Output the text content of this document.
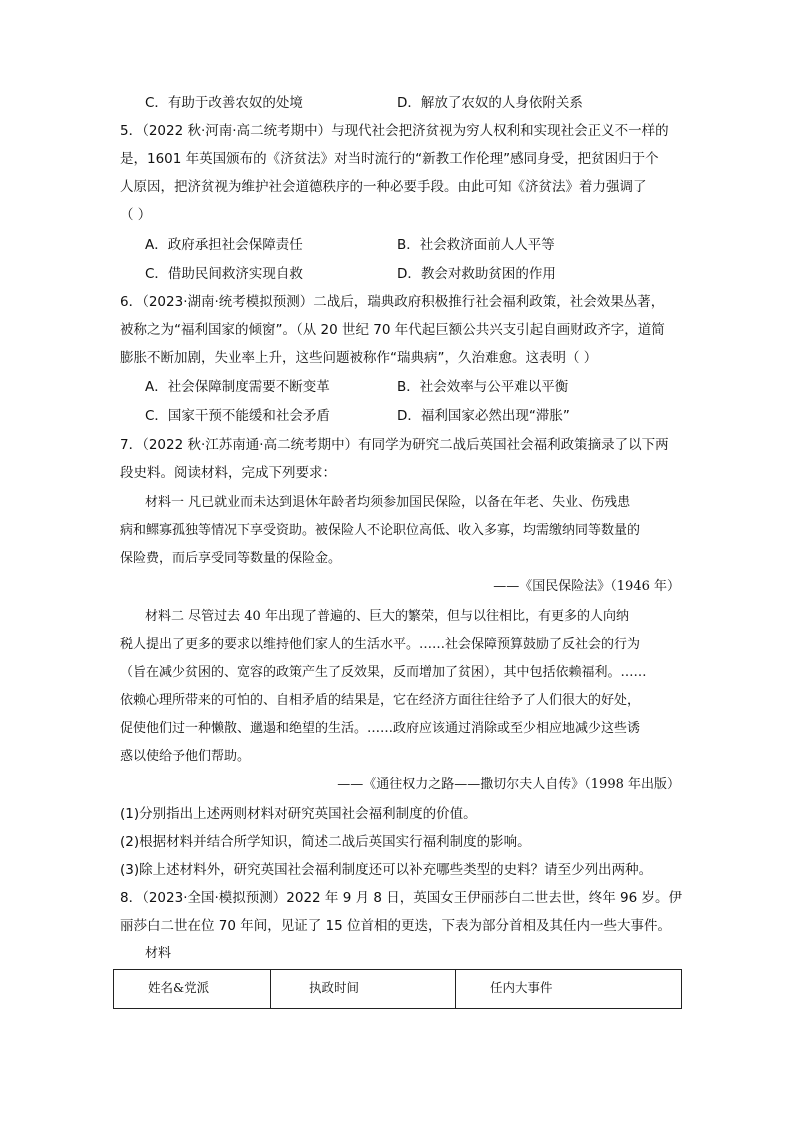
C．有助于改善农奴的处境	D．解放了农奴的人身依附关系
5．（2022 秋·河南·高二统考期中）与现代社会把济贫视为穷人权利和实现社会正义不一样的
是，1601 年英国颁布的《济贫法》对当时流行的“新教工作伦理”感同身受，把贫困归于个
人原因，把济贫视为维护社会道德秩序的一种必要手段。由此可知《济贫法》着力强调了
（ ）
A．政府承担社会保障责任	B．社会救济面前人人平等
C．借助民间救济实现自救	D．教会对救助贫困的作用
6．（2023·湖南·统考模拟预测）二战后，瑞典政府积极推行社会福利政策，社会效果丛著，
被称之为“福利国家的倾窗”。（从 20 世纪 70 年代起巨额公共兴支引起自画财政齐字，道简
膨胀不断加剧，失业率上升，这些问题被称作“瑞典病”，久治难愈。这表明（ ）
A．社会保障制度需要不断变革	B．社会效率与公平难以平衡
C．国家干预不能缓和社会矛盾	D．福利国家必然出现“滞胀”
7．（2022 秋·江苏南通·高二统考期中）有同学为研究二战后英国社会福利政策摘录了以下两
段史料。阅读材料，完成下列要求：
材料一 凡已就业而未达到退休年龄者均须参加国民保险，以备在年老、失业、伤残患
病和鳏寡孤独等情况下享受资助。被保险人不论职位高低、收入多寡，均需缴纳同等数量的
保险费，而后享受同等数量的保险金。
——《国民保险法》（1946 年）
材料二 尽管过去 40 年出现了普遍的、巨大的繁荣，但与以往相比，有更多的人向纳
税人提出了更多的要求以维持他们家人的生活水平。……社会保障预算鼓励了反社会的行为
（旨在减少贫困的、宽容的政策产生了反效果，反而增加了贫困），其中包括依赖福利。……
依赖心理所带来的可怕的、自相矛盾的结果是，它在经济方面往往给予了人们很大的好处，
促使他们过一种懒散、邋遢和绝望的生活。……政府应该通过消除或至少相应地减少这些诱
惑以使给予他们帮助。
——《通往权力之路——撒切尔夫人自传》（1998 年出版）
(1)分别指出上述两则材料对研究英国社会福利制度的价值。
(2)根据材料并结合所学知识，简述二战后英国实行福利制度的影响。
(3)除上述材料外，研究英国社会福利制度还可以补充哪些类型的史料？请至少列出两种。
8．（2023·全国·模拟预测）2022 年 9 月 8 日，英国女王伊丽莎白二世去世，终年 96 岁。伊
丽莎白二世在位 70 年间，见证了 15 位首相的更迭，下表为部分首相及其任内一些大事件。
材料
姓名&党派	执政时间	任内大事件
